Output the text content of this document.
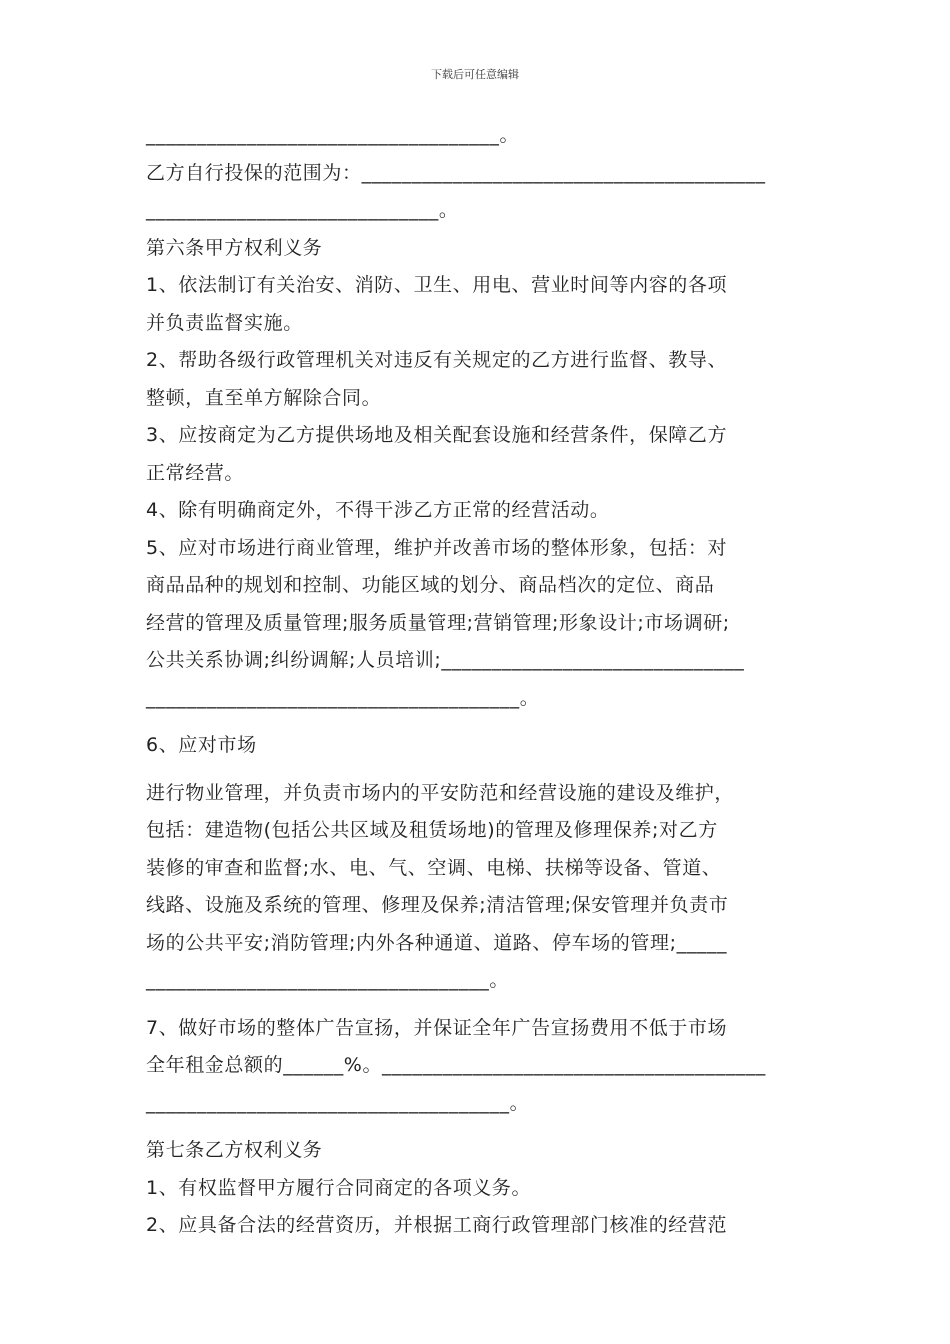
下载后可任意编辑

___________________________________。

乙方自行投保的范围为：________________________________________

_____________________________。

第六条甲方权利义务

1、依法制订有关治安、消防、卫生、用电、营业时间等内容的各项

并负责监督实施。

2、帮助各级行政管理机关对违反有关规定的乙方进行监督、教导、

整顿，直至单方解除合同。

3、应按商定为乙方提供场地及相关配套设施和经营条件，保障乙方

正常经营。

4、除有明确商定外，不得干涉乙方正常的经营活动。

5、应对市场进行商业管理，维护并改善市场的整体形象，包括：对

商品品种的规划和控制、功能区域的划分、商品档次的定位、商品

经营的管理及质量管理;服务质量管理;营销管理;形象设计;市场调研;

公共关系协调;纠纷调解;人员培训;______________________________

_____________________________________。

6、应对市场

进行物业管理，并负责市场内的平安防范和经营设施的建设及维护，

包括：建造物(包括公共区域及租赁场地)的管理及修理保养;对乙方

装修的审查和监督;水、电、气、空调、电梯、扶梯等设备、管道、

线路、设施及系统的管理、修理及保养;清洁管理;保安管理并负责市

场的公共平安;消防管理;内外各种通道、道路、停车场的管理;_____

__________________________________。

7、做好市场的整体广告宣扬，并保证全年广告宣扬费用不低于市场

全年租金总额的______%。______________________________________

____________________________________。

第七条乙方权利义务

1、有权监督甲方履行合同商定的各项义务。

2、应具备合法的经营资历，并根据工商行政管理部门核准的经营范
